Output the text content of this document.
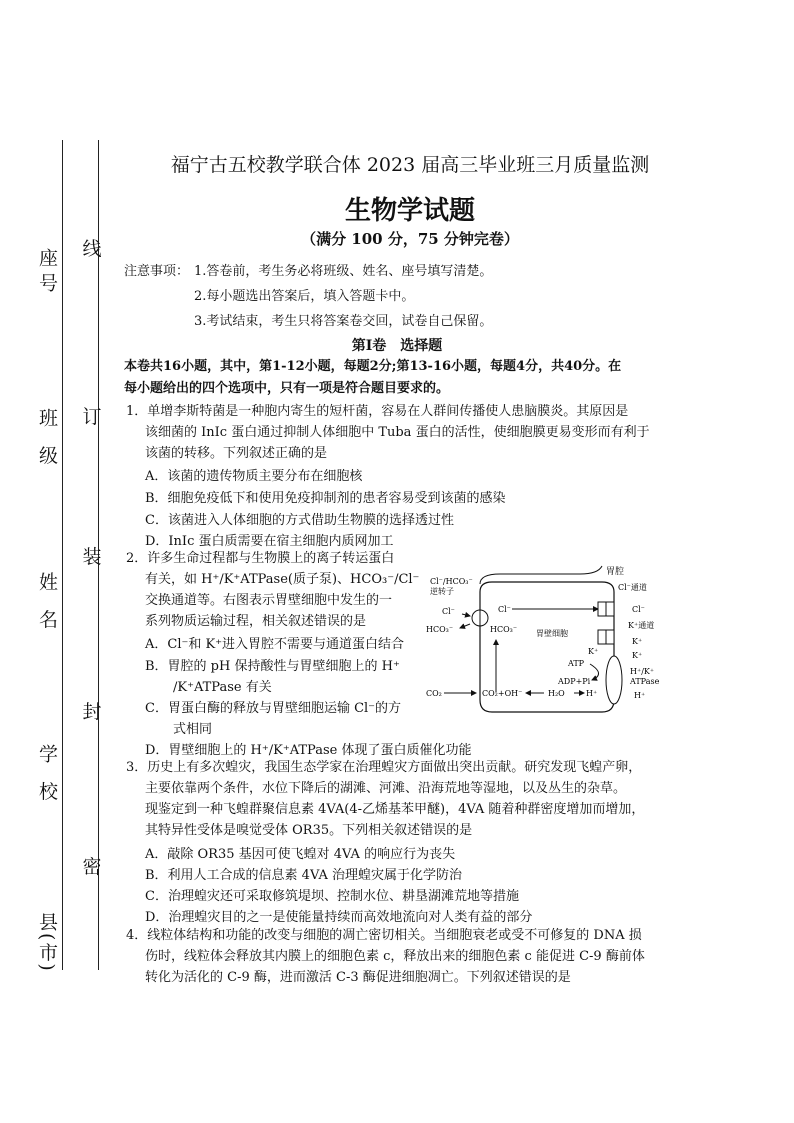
座号
班 级
姓 名
学 校
县(市)
线
订
装
封
密
福宁古五校教学联合体 2023 届高三毕业班三月质量监测
生物学试题
（满分 100 分，75 分钟完卷）
注意事项： 1.答卷前，考生务必将班级、姓名、座号填写清楚。
2.每小题选出答案后，填入答题卡中。
3.考试结束，考生只将答案卷交回，试卷自己保留。
第Ⅰ卷　选择题
本卷共16小题，其中，第1-12小题，每题2分;第13-16小题，每题4分，共40分。在
每小题给出的四个选项中，只有一项是符合题目要求的。
1．单增李斯特菌是一种胞内寄生的短杆菌，容易在人群间传播使人患脑膜炎。其原因是
该细菌的 InIc 蛋白通过抑制人体细胞中 Tuba 蛋白的活性，使细胞膜更易变形而有利于
该菌的转移。下列叙述正确的是
A．该菌的遗传物质主要分布在细胞核
B．细胞免疫低下和使用免疫抑制剂的患者容易受到该菌的感染
C．该菌进入人体细胞的方式借助生物膜的选择透过性
D．InIc 蛋白质需要在宿主细胞内质网加工
2．许多生命过程都与生物膜上的离子转运蛋白
有关，如 H⁺/K⁺ATPase(质子泵)、HCO₃⁻/Cl⁻
交换通道等。右图表示胃壁细胞中发生的一
系列物质运输过程，相关叙述错误的是
A．Cl⁻和 K⁺进入胃腔不需要与通道蛋白结合
B．胃腔的 pH 保持酸性与胃壁细胞上的 H⁺
/K⁺ATPase 有关
C．胃蛋白酶的释放与胃壁细胞运输 Cl⁻的方
式相同
D．胃壁细胞上的 H⁺/K⁺ATPase 体现了蛋白质催化功能
胃腔
Cl⁻/HCO₃⁻
逆转子
Cl⁻
HCO₃⁻
Cl⁻
Cl⁻通道
Cl⁻
HCO₃⁻ 胃壁细胞
K⁺通道
K⁺
K⁺
ATP
ADP+Pi
H⁺/K⁺
ATPase
K⁺
H⁺
CO₂	CO₂+OH⁻	H₂O	H⁺
3．历史上有多次蝗灾，我国生态学家在治理蝗灾方面做出突出贡献。研究发现飞蝗产卵，
主要依靠两个条件，水位下降后的湖滩、河滩、沿海荒地等湿地，以及丛生的杂草。
现鉴定到一种飞蝗群聚信息素 4VA(4-乙烯基苯甲醚)，4VA 随着种群密度增加而增加，
其特异性受体是嗅觉受体 OR35。下列相关叙述错误的是
A．敲除 OR35 基因可使飞蝗对 4VA 的响应行为丧失
B．利用人工合成的信息素 4VA 治理蝗灾属于化学防治
C．治理蝗灾还可采取修筑堤坝、控制水位、耕垦湖滩荒地等措施
D．治理蝗灾目的之一是使能量持续而高效地流向对人类有益的部分
4．线粒体结构和功能的改变与细胞的凋亡密切相关。当细胞衰老或受不可修复的 DNA 损
伤时，线粒体会释放其内膜上的细胞色素 c，释放出来的细胞色素 c 能促进 C-9 酶前体
转化为活化的 C-9 酶，进而激活 C-3 酶促进细胞凋亡。下列叙述错误的是
